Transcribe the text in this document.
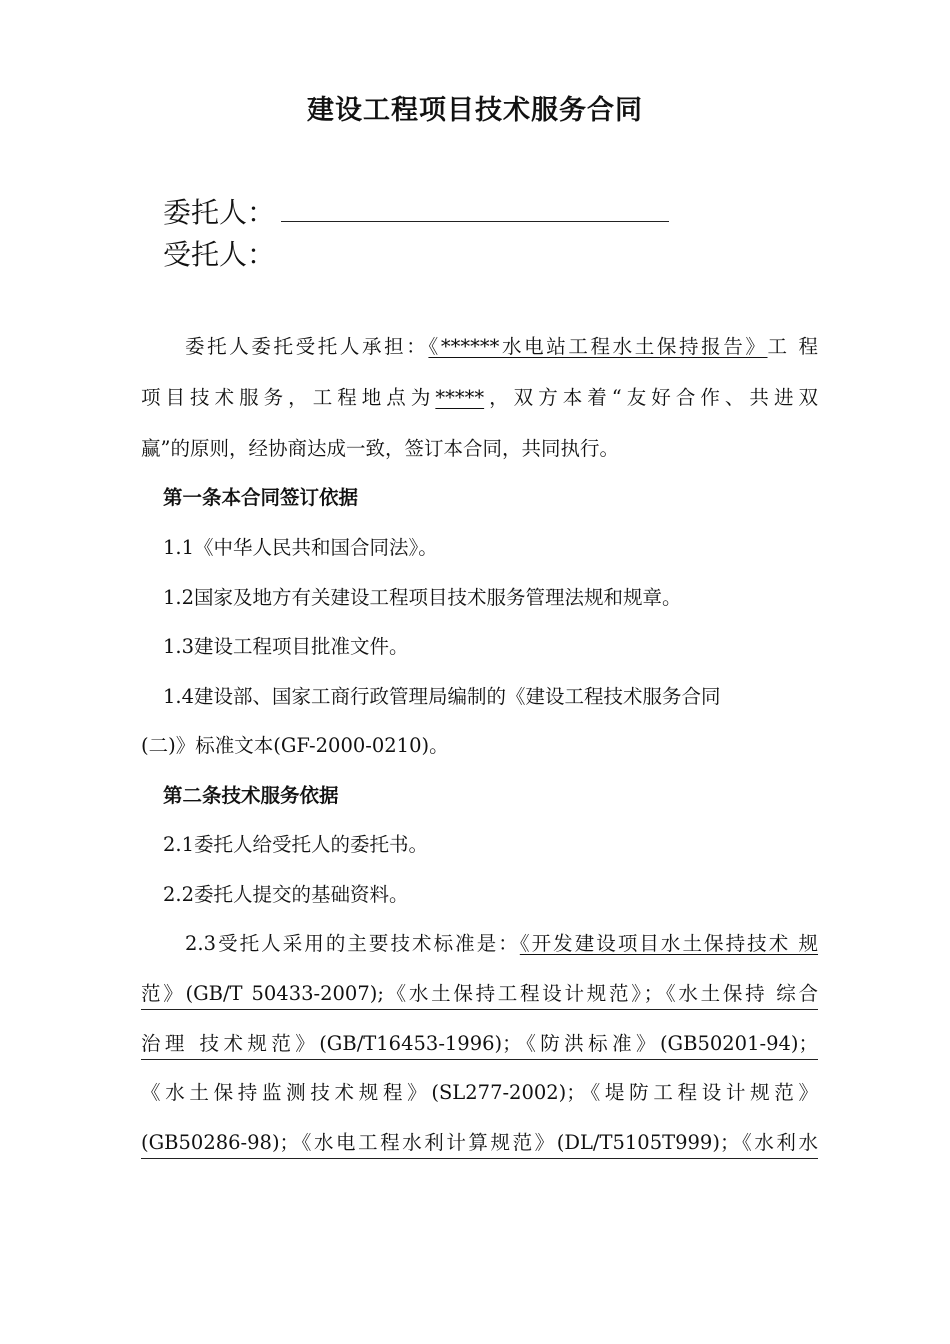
建设工程项目技术服务合同
委托人：
受托人：
委托人委托受托人承担：《******水电站工程水土保持报告》工 程
项目技术服务，工程地点为*****，双方本着“友好合作、共进双
赢”的原则，经协商达成一致，签订本合同，共同执行。
第一条本合同签订依据
1.1《中华人民共和国合同法》。
1.2国家及地方有关建设工程项目技术服务管理法规和规章。
1.3建设工程项目批准文件。
1.4建设部、国家工商行政管理局编制的《建设工程技术服务合同
(二)》标准文本(GF-2000-0210)。
第二条技术服务依据
2.1委托人给受托人的委托书。
2.2委托人提交的基础资料。
2.3受托人采用的主要技术标准是：《开发建设项目水土保持技术 规
范》(GB/T 50433-2007);《水土保持工程设计规范》；《水土保持 综合
治理 技术规范》(GB/T16453-1996)；《防洪标准》(GB50201-94)；
《水土保持监测技术规程》(SL277-2002)；《堤防工程设计规范》
(GB50286-98)；《水电工程水利计算规范》(DL/T5105T999)；《水利水
